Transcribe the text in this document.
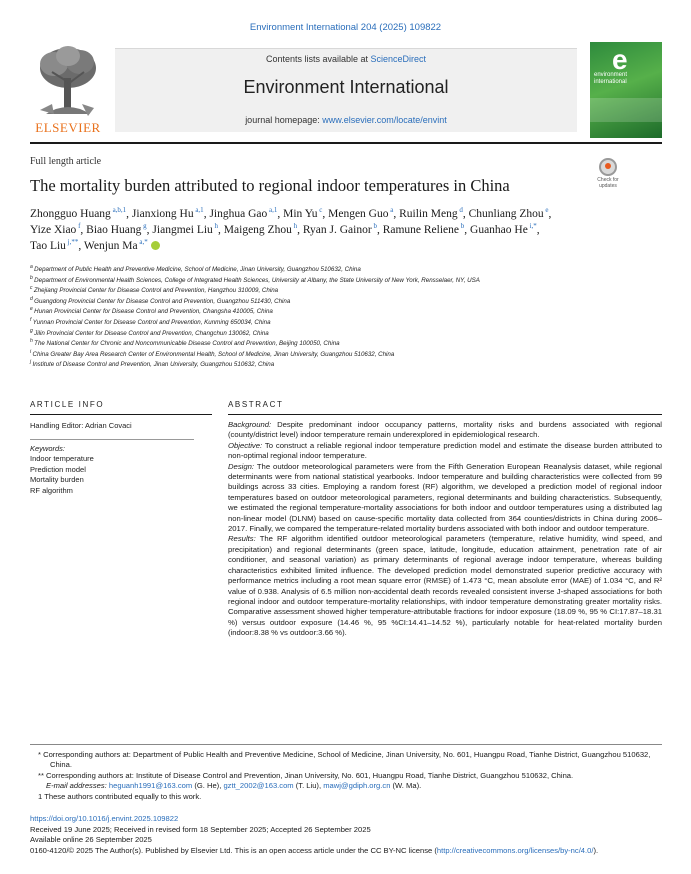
Environment International 204 (2025) 109822
ELSEVIER
Contents lists available at ScienceDirect
Environment International
journal homepage: www.elsevier.com/locate/envint
e
environment international
Full length article
The mortality burden attributed to regional indoor temperatures in China	Check for updates
Zhongguo Huang $^{a,b,1}$, Jianxiong Hu $^{a,1}$, Jinghua Gao $^{a,1}$, Min Yu $^c$, Mengen Guo $^a$, Ruilin Meng $^d$, Chunliang Zhou $^e$, Yize Xiao $^f$, Biao Huang $^g$, Jiangmei Liu $^h$, Maigeng Zhou $^h$, Ryan J. Gainor $^b$, Ramune Reliene $^b$, Guanhao He $^{i,*}$, Tao Liu $^{j,**}$, Wenjun Ma $^{a,*}$
$^a$ Department of Public Health and Preventive Medicine, School of Medicine, Jinan University, Guangzhou 510632, China
$^b$ Department of Environmental Health Sciences, College of Integrated Health Sciences, University at Albany, the State University of New York, Rensselaer, NY, USA
$^c$ Zhejiang Provincial Center for Disease Control and Prevention, Hangzhou 310009, China
$^d$ Guangdong Provincial Center for Disease Control and Prevention, Guangzhou 511430, China
$^e$ Hunan Provincial Center for Disease Control and Prevention, Changsha 410005, China
$^f$ Yunnan Provincial Center for Disease Control and Prevention, Kunming 650034, China
$^g$ Jilin Provincial Center for Disease Control and Prevention, Changchun 130062, China
$^h$ The National Center for Chronic and Noncommunicable Disease Control and Prevention, Beijing 100050, China
$^i$ China Greater Bay Area Research Center of Environmental Health, School of Medicine, Jinan University, Guangzhou 510632, China
$^j$ Institute of Disease Control and Prevention, Jinan University, Guangzhou 510632, China
ARTICLE INFO	ABSTRACT
Handling Editor: Adrian Covaci
Keywords:
Indoor temperature
Prediction model
Mortality burden
RF algorithm

Background: Despite predominant indoor occupancy patterns, mortality risks and burdens associated with regional (county/district level) indoor temperature remain underexplored in epidemiological research.

Objective: To construct a reliable regional indoor temperature prediction model and estimate the disease burden attributed to non-optimal regional indoor temperature.

Design: The outdoor meteorological parameters were from the Fifth Generation European Reanalysis dataset, while regional determinants were from national statistical yearbooks. Indoor temperature and building characteristics were collected from 99 buildings across 33 cities. Employing a random forest (RF) algorithm, we developed a prediction model of regional indoor temperatures based on outdoor meteorological parameters, regional determinants and building characteristics. Subsequently, we estimated the regional temperature-mortality associations for both indoor and outdoor temperatures using a distributed lag non-linear model (DLNM) based on cause-specific mortality data collected from 364 counties/districts in China during 2006–2017. Finally, we compared the temperature-related mortality burdens associated with both indoor and outdoor temperature.

Results: The RF algorithm identified outdoor meteorological parameters (temperature, relative humidity, wind speed, and precipitation) and regional determinants (green space, latitude, longitude, education attainment, penetration rate of air conditioner, and seasonal variation) as primary determinants of regional average indoor temperature, whereas building characteristics exhibited limited influence. The developed prediction model demonstrated superior predictive accuracy with performance metrics including a root mean square error (RMSE) of 1.473 °C, mean absolute error (MAE) of 1.034 °C, and R² value of 0.938. Analysis of 6.5 million non-accidental death records revealed consistent inverse J-shaped associations for both regional indoor and outdoor temperature-mortality relationships, with indoor temperature demonstrating greater mortality risks. Comparative assessment showed higher temperature-attributable fractions for indoor exposure (18.09 %, 95 % CI:17.87–18.31 %) versus outdoor exposure (14.46 %, 95 %CI:14.41–14.52 %), particularly notable for heat-related mortality burden (indoor:8.38 % vs outdoor:3.66 %).

* Corresponding authors at: Department of Public Health and Preventive Medicine, School of Medicine, Jinan University, No. 601, Huangpu Road, Tianhe District, Guangzhou 510632, China.
** Corresponding authors at: Institute of Disease Control and Prevention, Jinan University, No. 601, Huangpu Road, Tianhe District, Guangzhou 510632, China.
E-mail addresses: heguanh1991@163.com (G. He), gztt_2002@163.com (T. Liu), mawj@gdiph.org.cn (W. Ma).
1 These authors contributed equally to this work.
https://doi.org/10.1016/j.envint.2025.109822
Received 19 June 2025; Received in revised form 18 September 2025; Accepted 26 September 2025
Available online 26 September 2025
0160-4120/© 2025 The Author(s). Published by Elsevier Ltd. This is an open access article under the CC BY-NC license (http://creativecommons.org/licenses/by-nc/4.0/).
